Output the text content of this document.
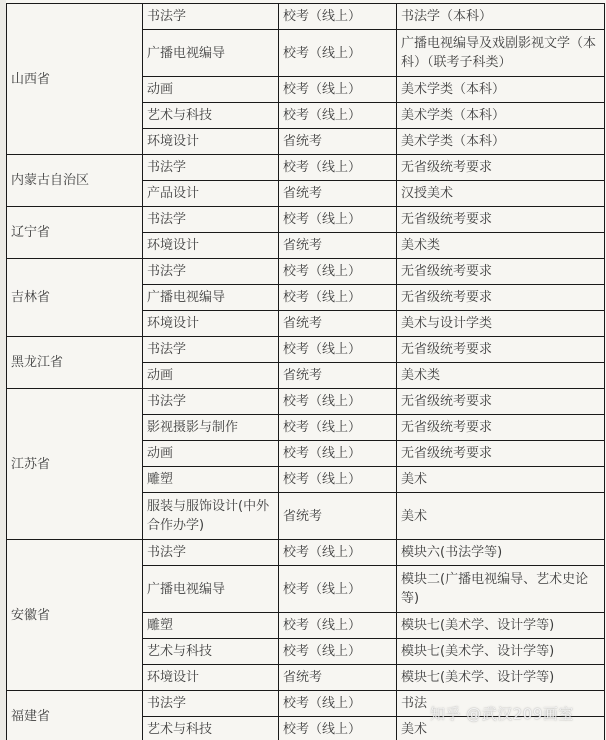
山西省	书法学	校考（线上）	书法学（本科）
	广播电视编导	校考（线上）	广播电视编导及戏剧影视文学（本科）（联考子科类）
	动画	校考（线上）	美术学类（本科）
	艺术与科技	校考（线上）	美术学类（本科）
	环境设计	省统考	美术学类（本科）
内蒙古自治区	书法学	校考（线上）	无省级统考要求
	产品设计	省统考	汉授美术
辽宁省	书法学	校考（线上）	无省级统考要求
	环境设计	省统考	美术类
吉林省	书法学	校考（线上）	无省级统考要求
	广播电视编导	校考（线上）	无省级统考要求
	环境设计	省统考	美术与设计学类
黑龙江省	书法学	校考（线上）	无省级统考要求
	动画	省统考	美术类
江苏省	书法学	校考（线上）	无省级统考要求
	影视摄影与制作	校考（线上）	无省级统考要求
	动画	校考（线上）	无省级统考要求
	雕塑	校考（线上）	美术
	服装与服饰设计(中外合作办学)	省统考	美术
安徽省	书法学	校考（线上）	模块六(书法学等)
	广播电视编导	校考（线上）	模块二(广播电视编导、艺术史论等)
	雕塑	校考（线上）	模块七(美术学、设计学等)
	艺术与科技	校考（线上）	模块七(美术学、设计学等)
	环境设计	省统考	模块七(美术学、设计学等)
福建省	书法学	校考（线上）	书法
	艺术与科技	校考（线上）	美术
知乎 @武汉209画室
